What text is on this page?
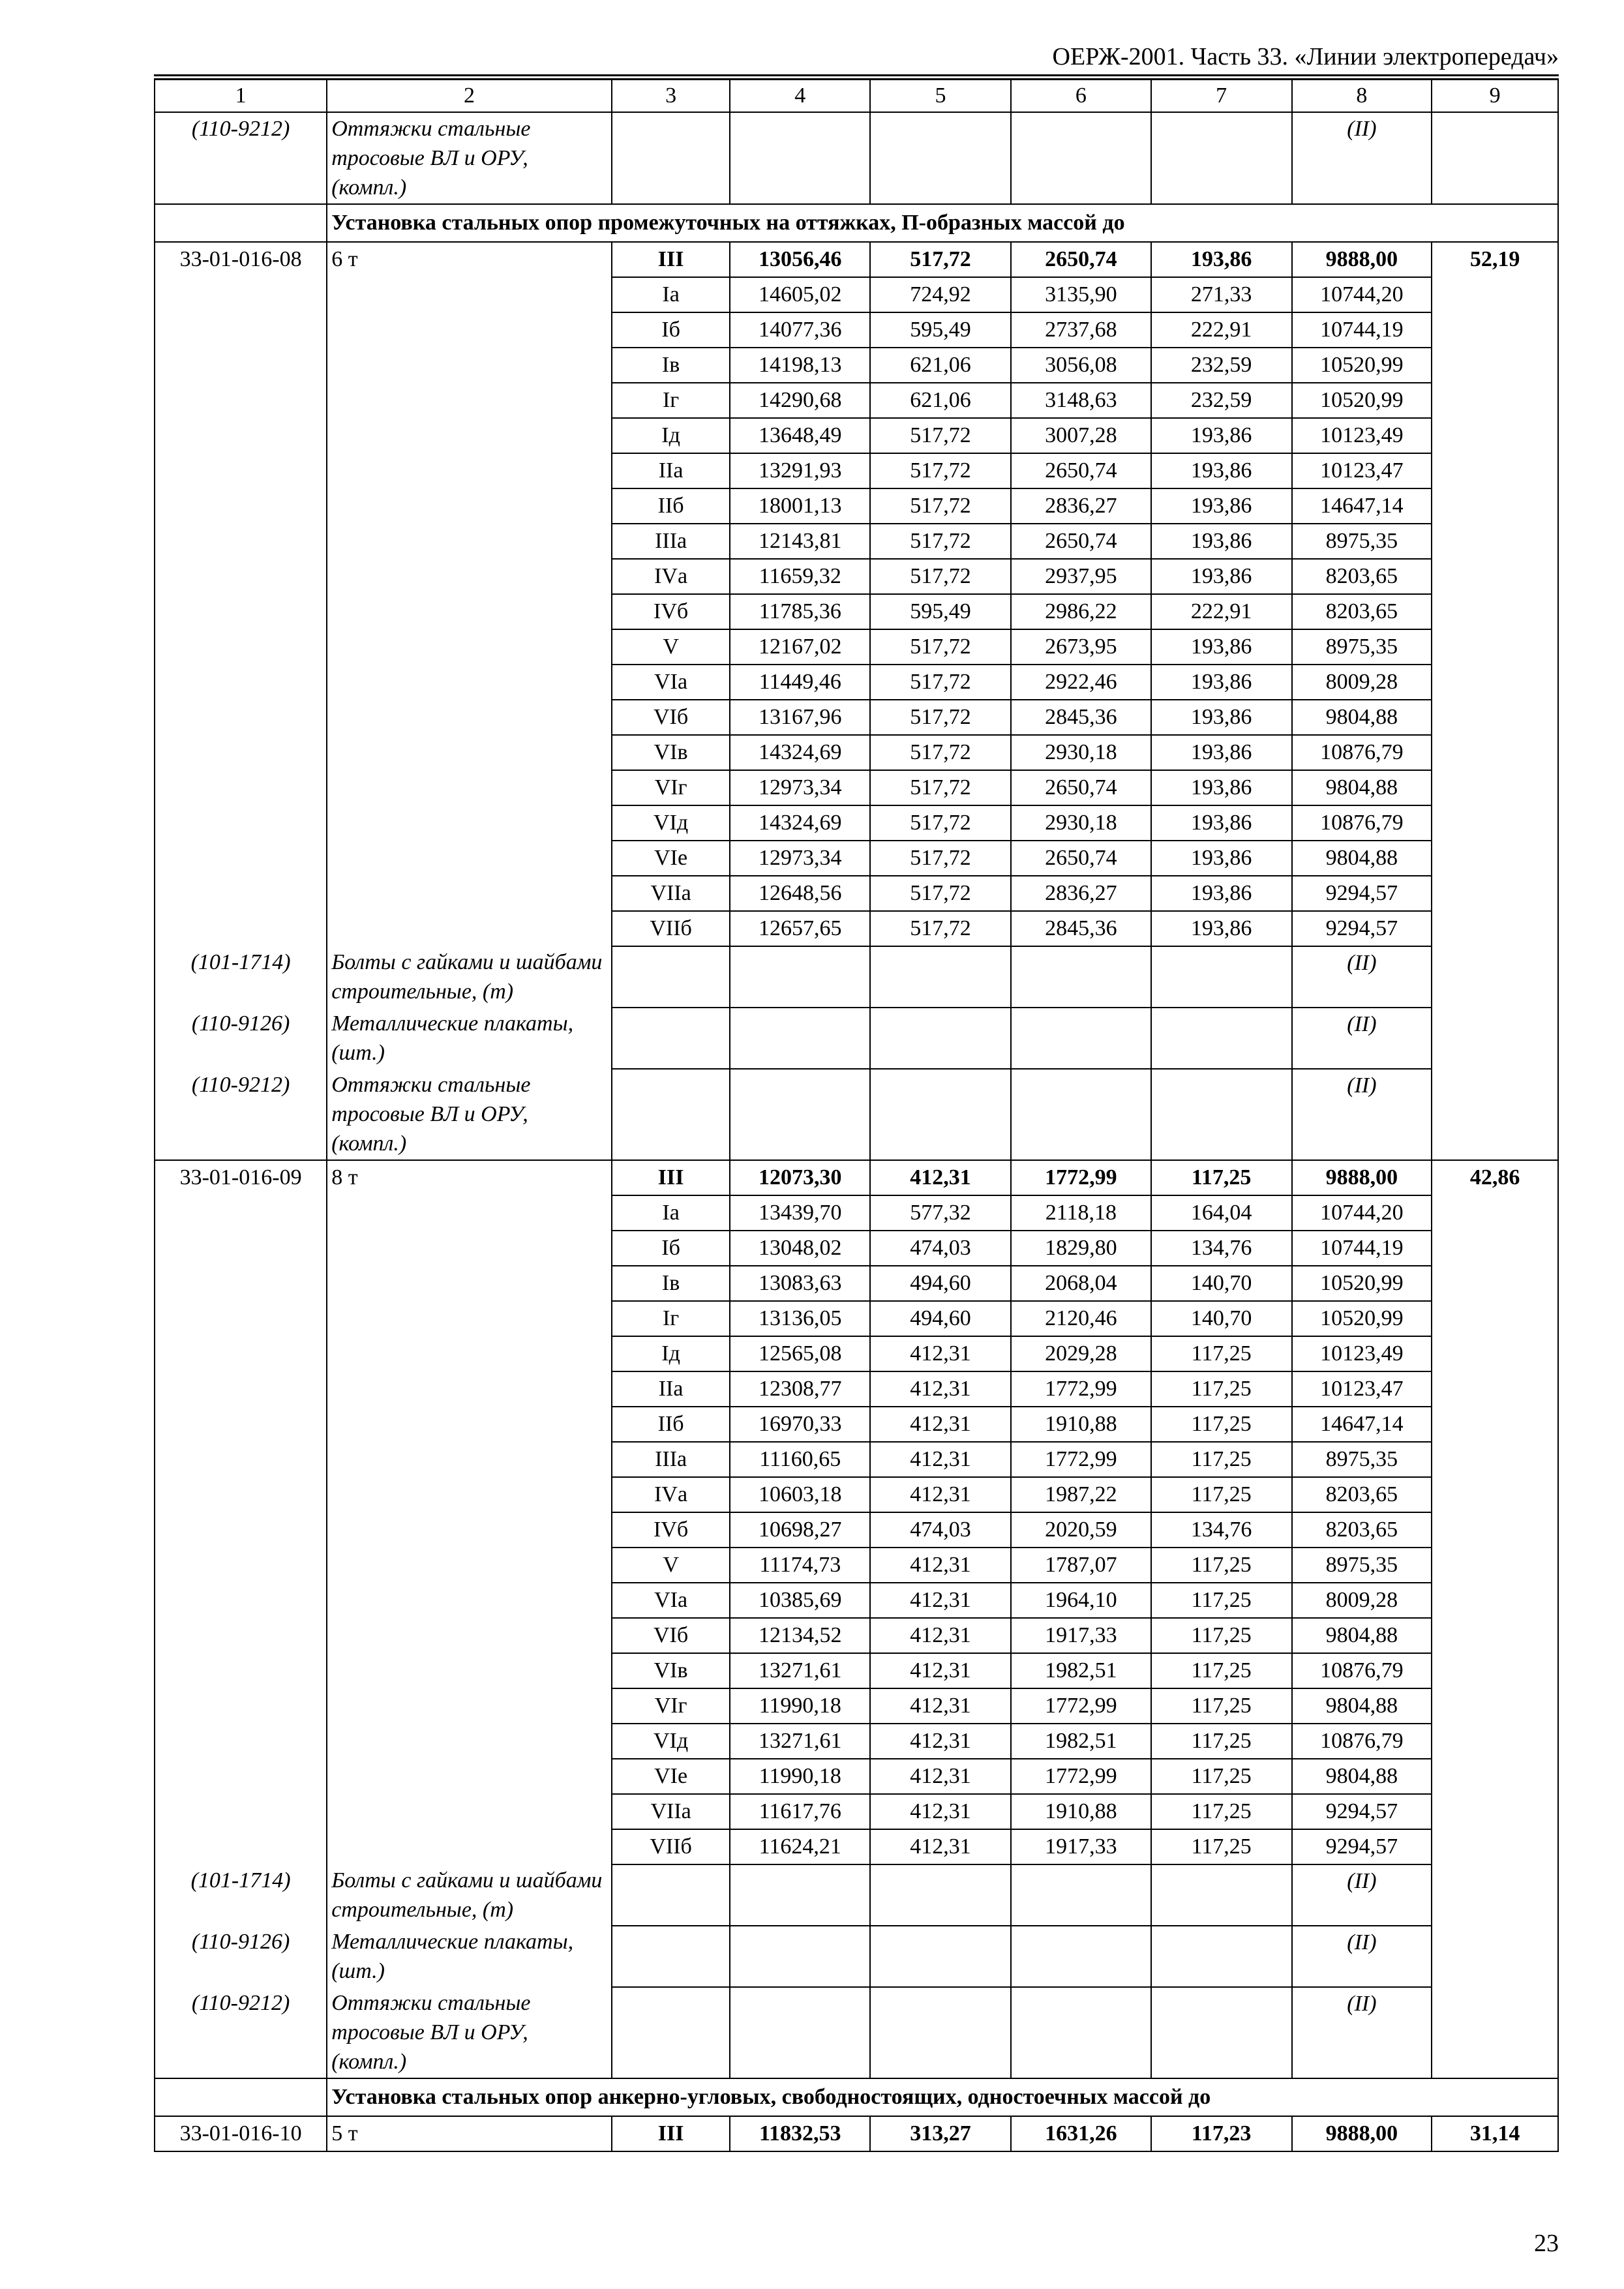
ОЕРЖ-2001. Часть 33. «Линии электропередач»
1	2	3	4	5	6	7	8	9
(110-9212)	Оттяжки стальные тросовые ВЛ и ОРУ, (компл.)						(II)	
	Установка стальных опор промежуточных на оттяжках, П-образных массой до							
33-01-016-08	6 т	III	13056,46	517,72	2650,74	193,86	9888,00	52,19
		Iа	14605,02	724,92	3135,90	271,33	10744,20	
		Iб	14077,36	595,49	2737,68	222,91	10744,19	
		Iв	14198,13	621,06	3056,08	232,59	10520,99	
		Iг	14290,68	621,06	3148,63	232,59	10520,99	
		Iд	13648,49	517,72	3007,28	193,86	10123,49	
		IIа	13291,93	517,72	2650,74	193,86	10123,47	
		IIб	18001,13	517,72	2836,27	193,86	14647,14	
		IIIа	12143,81	517,72	2650,74	193,86	8975,35	
		IVа	11659,32	517,72	2937,95	193,86	8203,65	
		IVб	11785,36	595,49	2986,22	222,91	8203,65	
		V	12167,02	517,72	2673,95	193,86	8975,35	
		VIа	11449,46	517,72	2922,46	193,86	8009,28	
		VIб	13167,96	517,72	2845,36	193,86	9804,88	
		VIв	14324,69	517,72	2930,18	193,86	10876,79	
		VIг	12973,34	517,72	2650,74	193,86	9804,88	
		VIд	14324,69	517,72	2930,18	193,86	10876,79	
		VIе	12973,34	517,72	2650,74	193,86	9804,88	
		VIIа	12648,56	517,72	2836,27	193,86	9294,57	
		VIIб	12657,65	517,72	2845,36	193,86	9294,57	
(101-1714)	Болты с гайками и шайбами строительные, (т)						(II)	
(110-9126)	Металлические плакаты, (шт.)						(II)	
(110-9212)	Оттяжки стальные тросовые ВЛ и ОРУ, (компл.)						(II)	
33-01-016-09	8 т	III	12073,30	412,31	1772,99	117,25	9888,00	42,86
		Iа	13439,70	577,32	2118,18	164,04	10744,20	
		Iб	13048,02	474,03	1829,80	134,76	10744,19	
		Iв	13083,63	494,60	2068,04	140,70	10520,99	
		Iг	13136,05	494,60	2120,46	140,70	10520,99	
		Iд	12565,08	412,31	2029,28	117,25	10123,49	
		IIа	12308,77	412,31	1772,99	117,25	10123,47	
		IIб	16970,33	412,31	1910,88	117,25	14647,14	
		IIIа	11160,65	412,31	1772,99	117,25	8975,35	
		IVа	10603,18	412,31	1987,22	117,25	8203,65	
		IVб	10698,27	474,03	2020,59	134,76	8203,65	
		V	11174,73	412,31	1787,07	117,25	8975,35	
		VIа	10385,69	412,31	1964,10	117,25	8009,28	
		VIб	12134,52	412,31	1917,33	117,25	9804,88	
		VIв	13271,61	412,31	1982,51	117,25	10876,79	
		VIг	11990,18	412,31	1772,99	117,25	9804,88	
		VIд	13271,61	412,31	1982,51	117,25	10876,79	
		VIе	11990,18	412,31	1772,99	117,25	9804,88	
		VIIа	11617,76	412,31	1910,88	117,25	9294,57	
		VIIб	11624,21	412,31	1917,33	117,25	9294,57	
(101-1714)	Болты с гайками и шайбами строительные, (т)						(II)	
(110-9126)	Металлические плакаты, (шт.)						(II)	
(110-9212)	Оттяжки стальные тросовые ВЛ и ОРУ, (компл.)						(II)	
	Установка стальных опор анкерно-угловых, свободностоящих, одностоечных массой до							
33-01-016-10	5 т	III	11832,53	313,27	1631,26	117,23	9888,00	31,14
23
